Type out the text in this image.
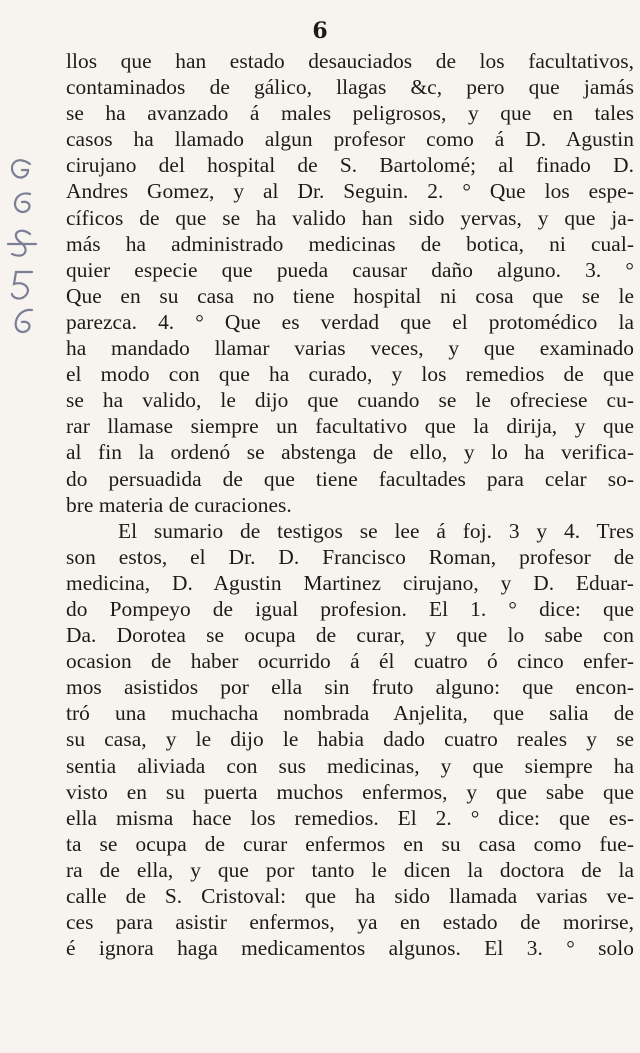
6
llos que han estado desauciados de los facultativos,
contaminados de gálico, llagas &c, pero que jamás
se ha avanzado á males peligrosos, y que en tales
casos ha llamado algun profesor como á D. Agustin
cirujano del hospital de S. Bartolomé; al finado D.
Andres Gomez, y al Dr. Seguin. 2. ° Que los espe-
cíficos de que se ha valido han sido yervas, y que ja-
más ha administrado medicinas de botica, ni cual-
quier especie que pueda causar daño alguno. 3. °
Que en su casa no tiene hospital ni cosa que se le
parezca. 4. ° Que es verdad que el protomédico la
ha mandado llamar varias veces, y que examinado
el modo con que ha curado, y los remedios de que
se ha valido, le dijo que cuando se le ofreciese cu-
rar llamase siempre un facultativo que la dirija, y que
al fin la ordenó se abstenga de ello, y lo ha verifica-
do persuadida de que tiene facultades para celar so-
bre materia de curaciones.
El sumario de testigos se lee á foj. 3 y 4. Tres
son estos, el Dr. D. Francisco Roman, profesor de
medicina, D. Agustin Martinez cirujano, y D. Eduar-
do Pompeyo de igual profesion. El 1. ° dice: que
Da. Dorotea se ocupa de curar, y que lo sabe con
ocasion de haber ocurrido á él cuatro ó cinco enfer-
mos asistidos por ella sin fruto alguno: que encon-
tró una muchacha nombrada Anjelita, que salia de
su casa, y le dijo le habia dado cuatro reales y se
sentia aliviada con sus medicinas, y que siempre ha
visto en su puerta muchos enfermos, y que sabe que
ella misma hace los remedios. El 2. ° dice: que es-
ta se ocupa de curar enfermos en su casa como fue-
ra de ella, y que por tanto le dicen la doctora de la
calle de S. Cristoval: que ha sido llamada varias ve-
ces para asistir enfermos, ya en estado de morirse,
é ignora haga medicamentos algunos. El 3. ° solo
